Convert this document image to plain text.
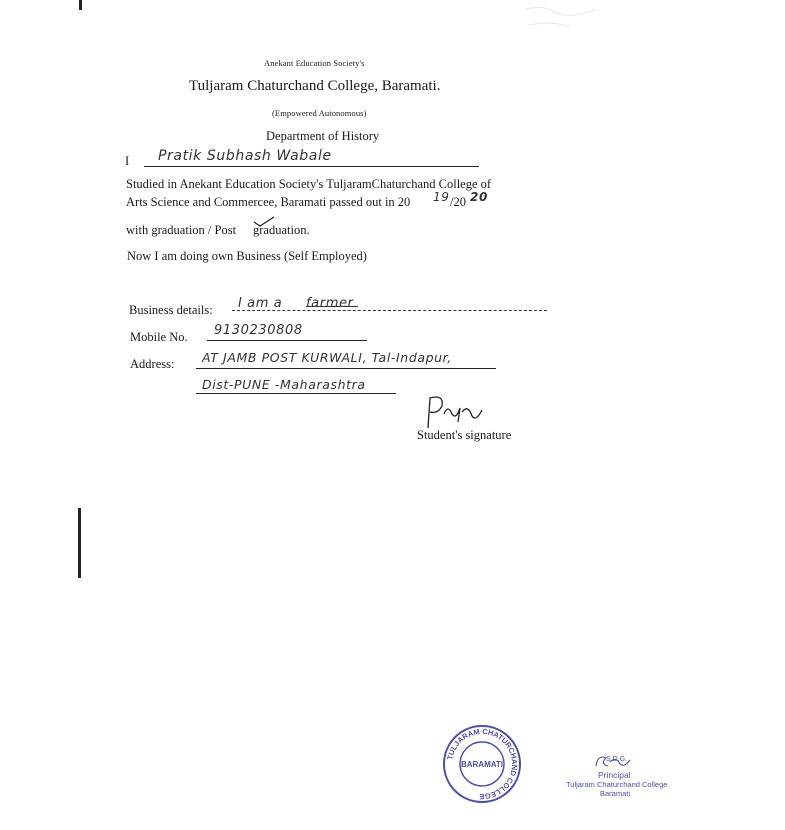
Anekant Education Society's
Tuljaram Chaturchand College, Baramati.
(Empowered Autonomous)
Department of History
I Pratik Subhash Wabale
Studied in Anekant Education Society's TuljaramChaturchand College of
Arts Science and Commercee, Baramati passed out in 20 19 /20 20
with graduation / Post graduation.
Now I am doing own Business (Self Employed)
Business details: I am a farmer
Mobile No. 9130230808
Address: AT JAMB POST KURWALI, Tal-Indapur,
Dist-PUNE -Maharashtra
Student's signature
TULJARAM CHATURCHAND COLLEGE
BARAMATI
S.D.G.
Principal
Tuljaram Chaturchand College
Baramati
